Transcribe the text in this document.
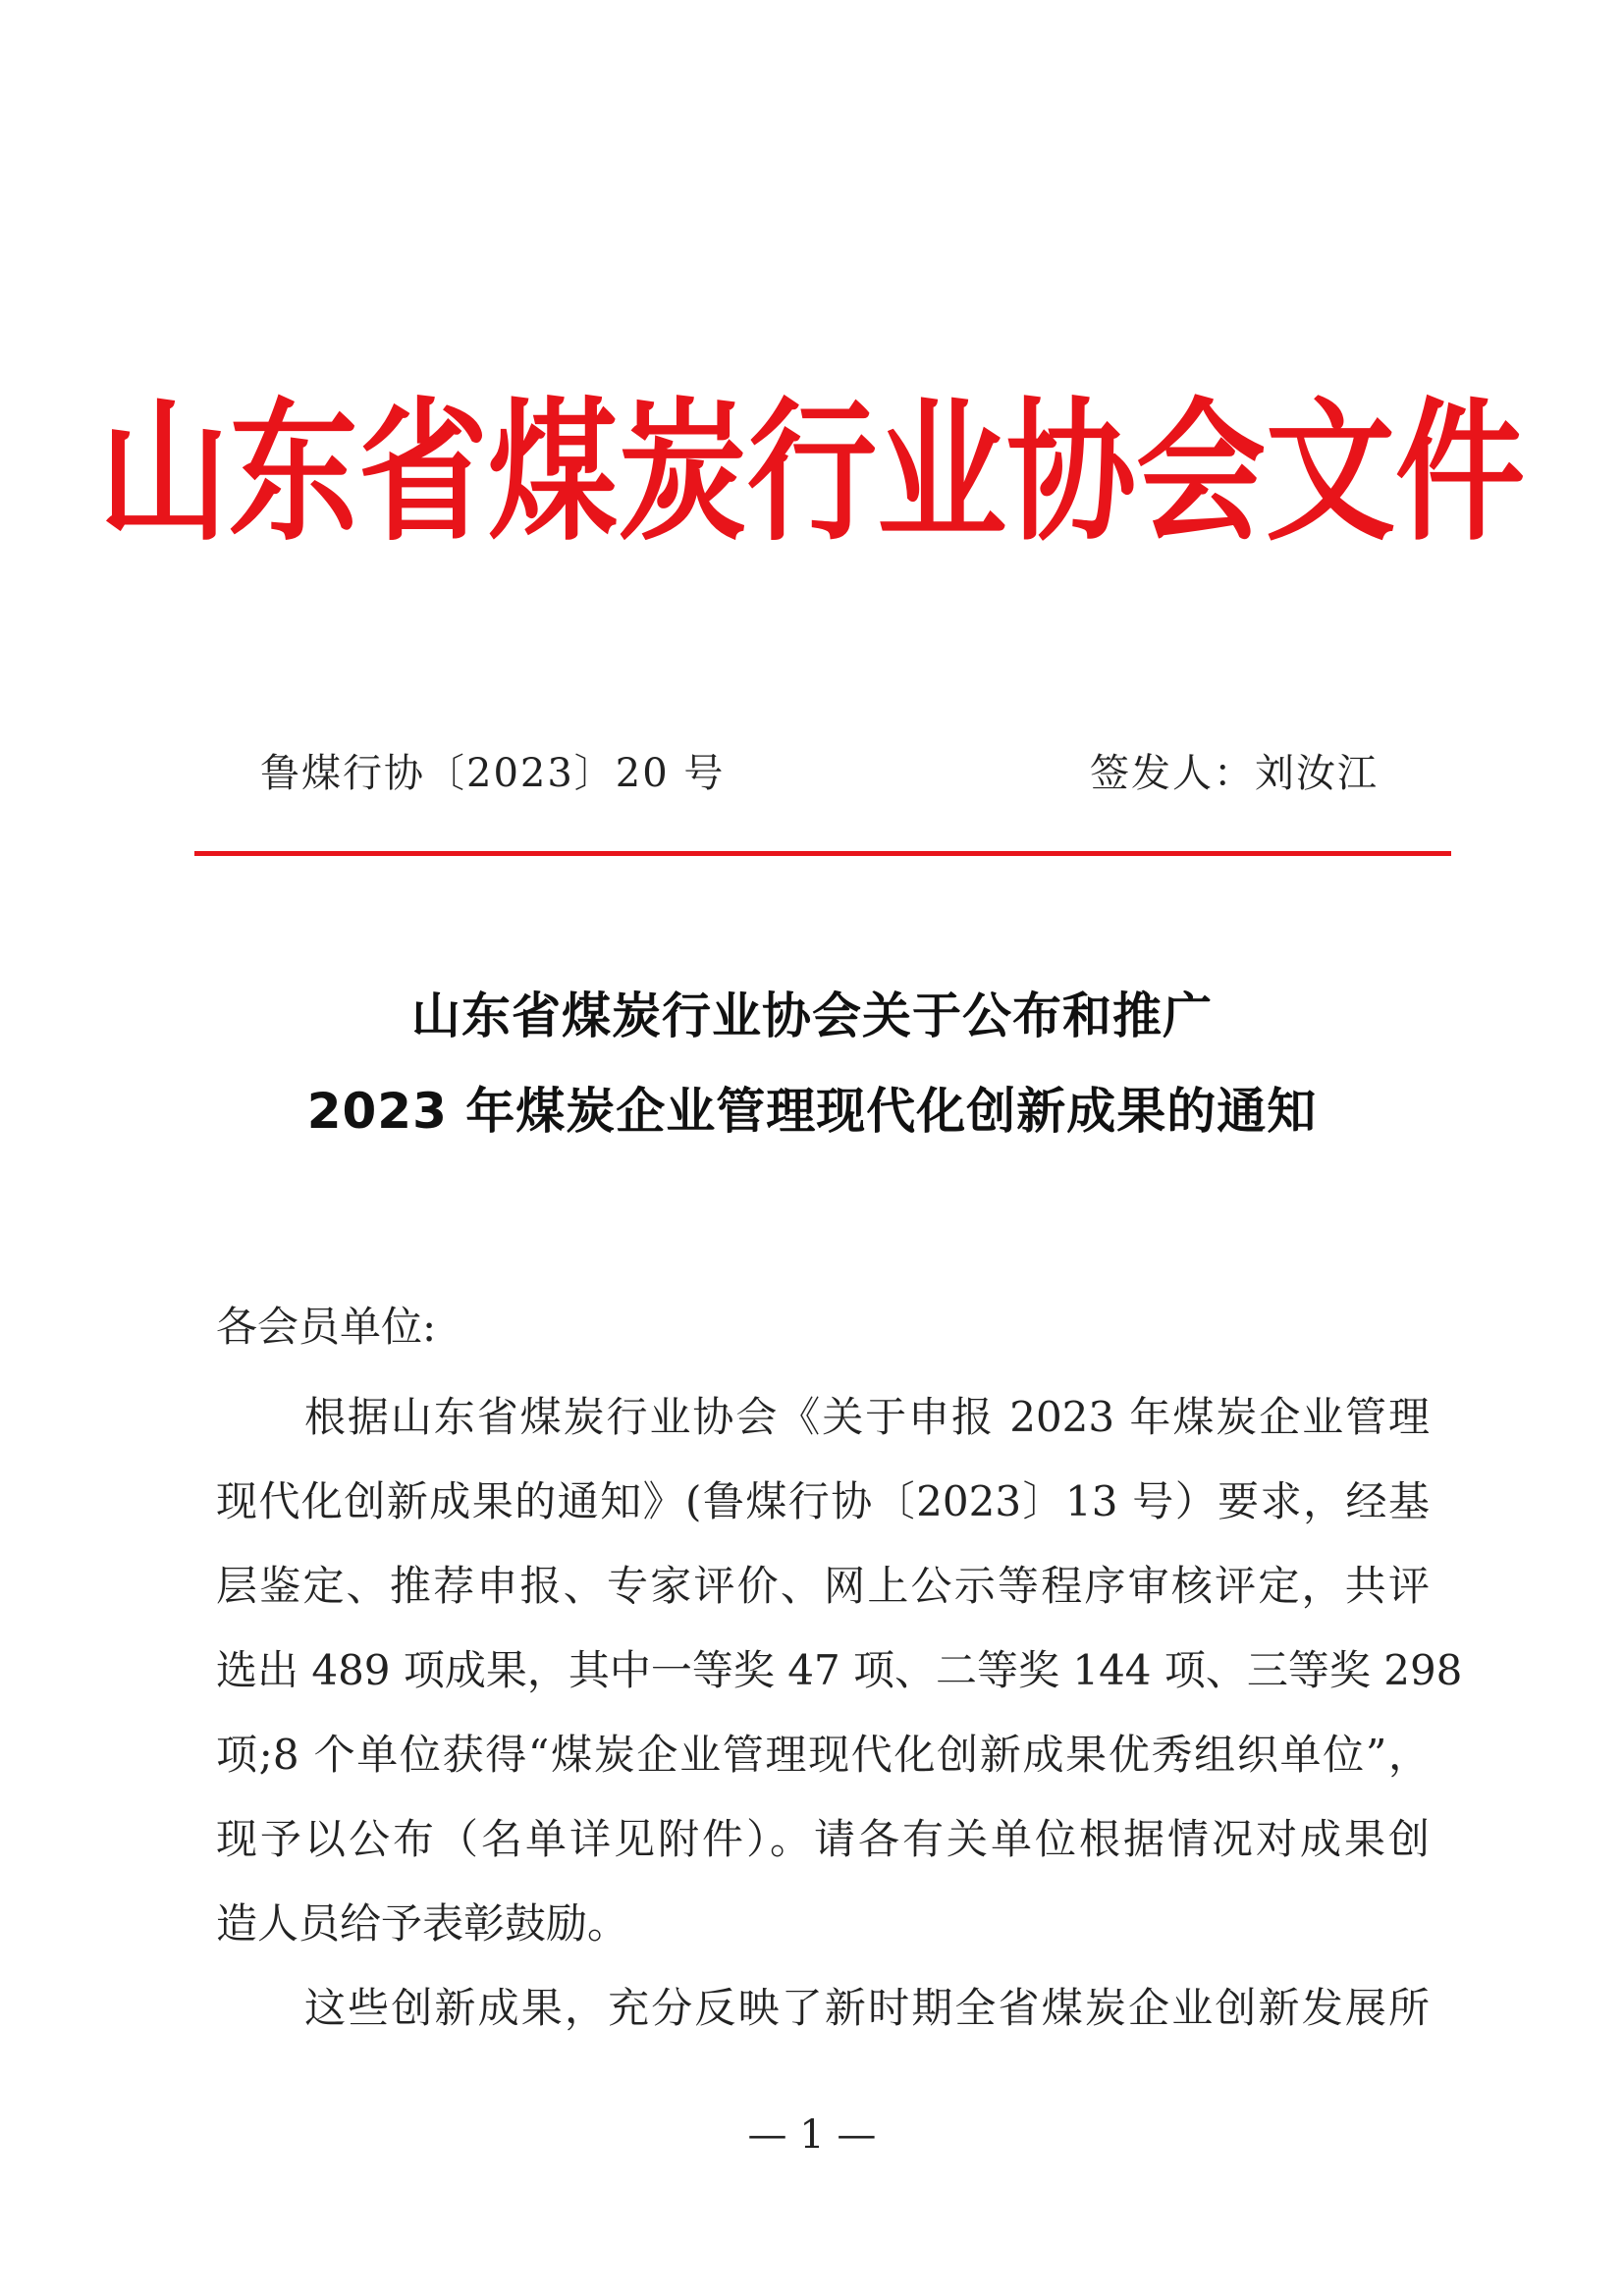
山东省煤炭行业协会文件
鲁煤行协〔2023〕20 号	签发人：刘汝江
山东省煤炭行业协会关于公布和推广
2023 年煤炭企业管理现代化创新成果的通知
各会员单位:
根据山东省煤炭行业协会《关于申报 2023 年煤炭企业管理
现代化创新成果的通知》(鲁煤行协〔2023〕13 号）要求，经基
层鉴定、推荐申报、专家评价、网上公示等程序审核评定，共评
选出 489 项成果，其中一等奖 47 项、二等奖 144 项、三等奖 298
项;8 个单位获得“煤炭企业管理现代化创新成果优秀组织单位”，
现予以公布（名单详见附件）。请各有关单位根据情况对成果创
造人员给予表彰鼓励。
这些创新成果，充分反映了新时期全省煤炭企业创新发展所
— 1 —
